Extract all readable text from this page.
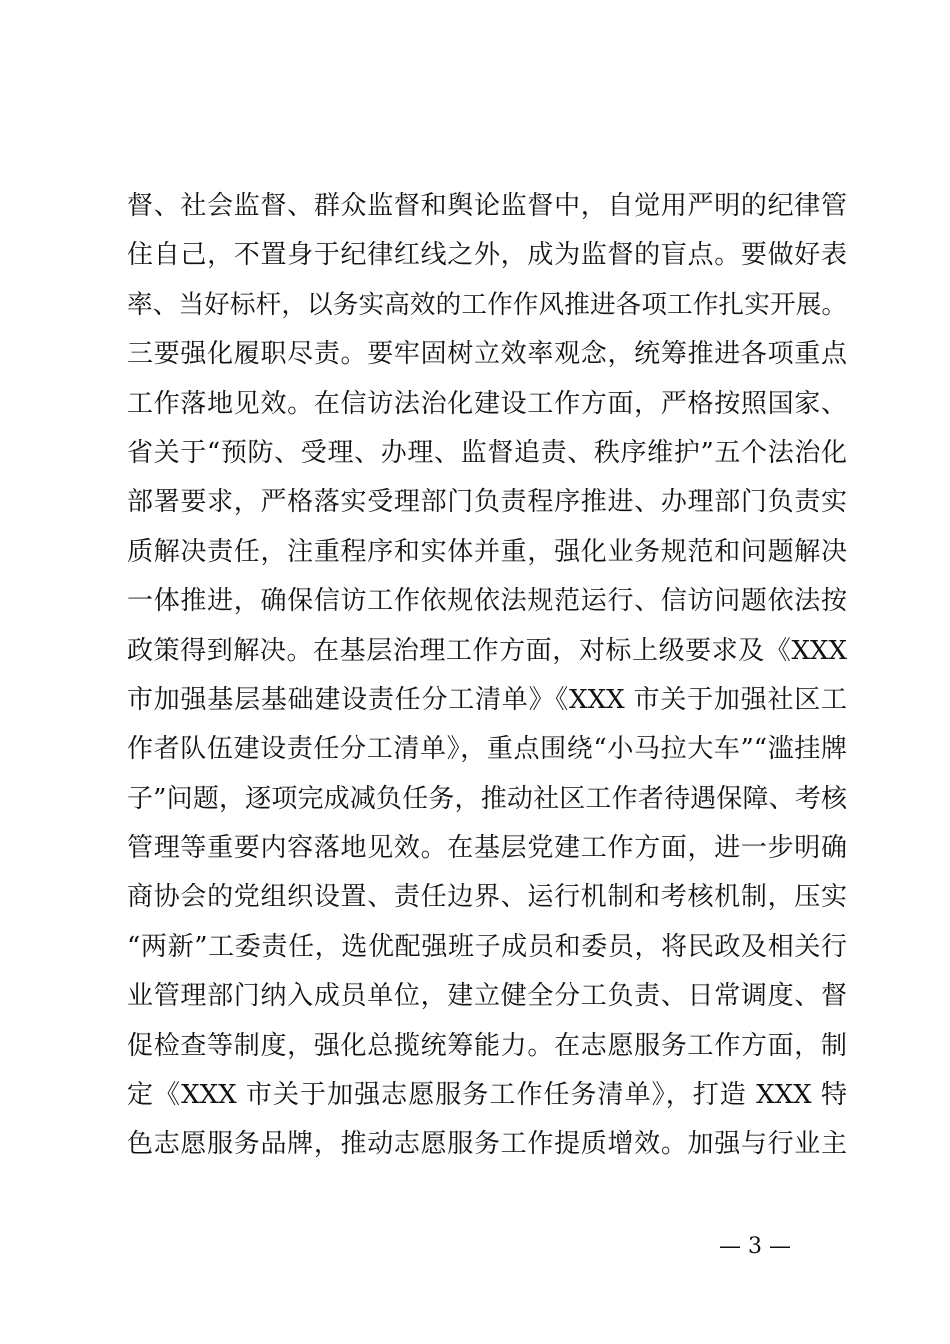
督、社会监督、群众监督和舆论监督中，自觉用严明的纪律管
住自己，不置身于纪律红线之外，成为监督的盲点。要做好表
率、当好标杆，以务实高效的工作作风推进各项工作扎实开展。
三要强化履职尽责。要牢固树立效率观念，统筹推进各项重点
工作落地见效。在信访法治化建设工作方面，严格按照国家、
省关于“预防、受理、办理、监督追责、秩序维护”五个法治化
部署要求，严格落实受理部门负责程序推进、办理部门负责实
质解决责任，注重程序和实体并重，强化业务规范和问题解决
一体推进，确保信访工作依规依法规范运行、信访问题依法按
政策得到解决。在基层治理工作方面，对标上级要求及《XXX
市加强基层基础建设责任分工清单》《XXX 市关于加强社区工
作者队伍建设责任分工清单》，重点围绕“小马拉大车”“滥挂牌
子”问题，逐项完成减负任务，推动社区工作者待遇保障、考核
管理等重要内容落地见效。在基层党建工作方面，进一步明确
商协会的党组织设置、责任边界、运行机制和考核机制，压实
“两新”工委责任，选优配强班子成员和委员，将民政及相关行
业管理部门纳入成员单位，建立健全分工负责、日常调度、督
促检查等制度，强化总揽统筹能力。在志愿服务工作方面，制
定《XXX 市关于加强志愿服务工作任务清单》，打造 XXX 特
色志愿服务品牌，推动志愿服务工作提质增效。加强与行业主
— 3 —
